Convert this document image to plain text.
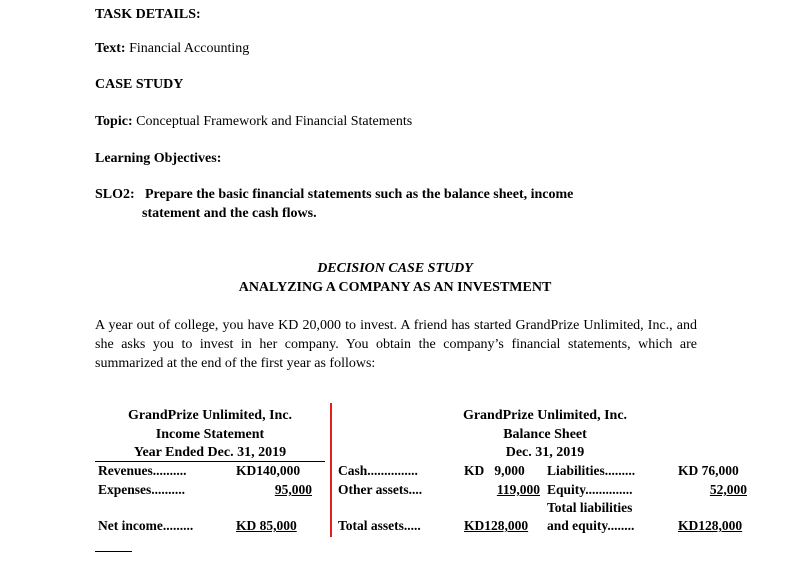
TASK DETAILS:
Text: Financial Accounting
CASE STUDY
Topic: Conceptual Framework and Financial Statements
Learning Objectives:
SLO2: Prepare the basic financial statements such as the balance sheet, income
statement and the cash flows.
DECISION CASE STUDY
ANALYZING A COMPANY AS AN INVESTMENT
A year out of college, you have KD 20,000 to invest. A friend has started GrandPrize Unlimited, Inc., and she asks you to invest in her company. You obtain the company’s financial statements, which are summarized at the end of the first year as follows:
GrandPrize Unlimited, Inc.
Income Statement
Year Ended Dec. 31, 2019
Revenues..........	KD140,000
Expenses..........	95,000
Net income.........	KD 85,000
GrandPrize Unlimited, Inc.
Balance Sheet
Dec. 31, 2019
Cash...............	KD   9,000
Other assets....	119,000
Total assets.....	KD128,000
Liabilities.........	KD 76,000
Equity..............	52,000
Total liabilities
and equity........	KD128,000
